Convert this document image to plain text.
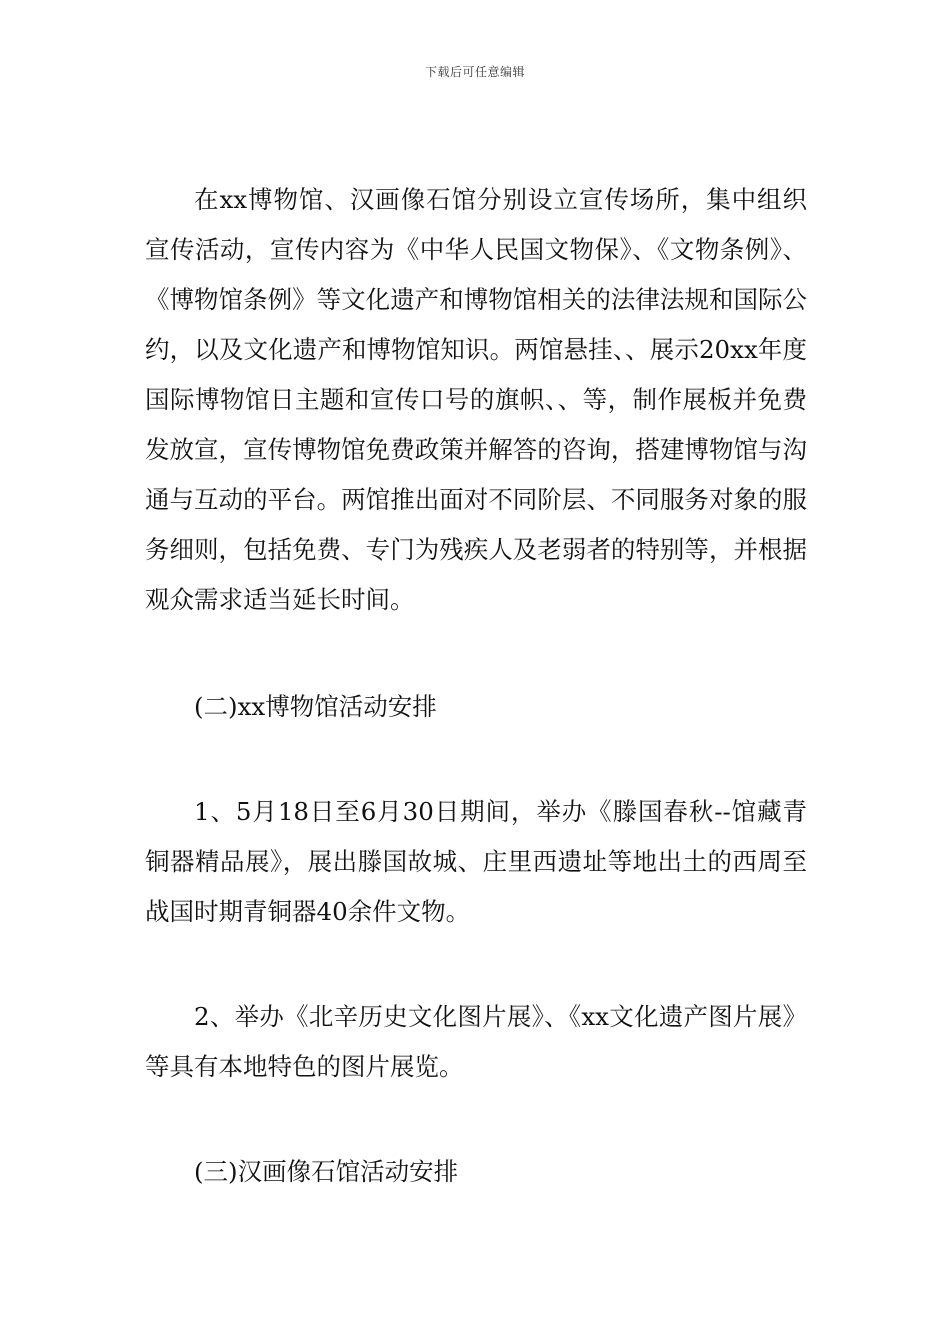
下载后可任意编辑

在xx博物馆、汉画像石馆分别设立宣传场所，集中组织宣传活动，宣传内容为《中华人民国文物保》、《文物条例》、《博物馆条例》等文化遗产和博物馆相关的法律法规和国际公约，以及文化遗产和博物馆知识。两馆悬挂、、展示20xx年度国际博物馆日主题和宣传口号的旗帜、、等，制作展板并免费发放宣，宣传博物馆免费政策并解答的咨询，搭建博物馆与沟通与互动的平台。两馆推出面对不同阶层、不同服务对象的服务细则，包括免费、专门为残疾人及老弱者的特别等，并根据观众需求适当延长时间。

(二)xx博物馆活动安排

1、5月18日至6月30日期间，举办《滕国春秋--馆藏青铜器精品展》，展出滕国故城、庄里西遗址等地出土的西周至战国时期青铜器40余件文物。

2、举办《北辛历史文化图片展》、《xx文化遗产图片展》等具有本地特色的图片展览。

(三)汉画像石馆活动安排
